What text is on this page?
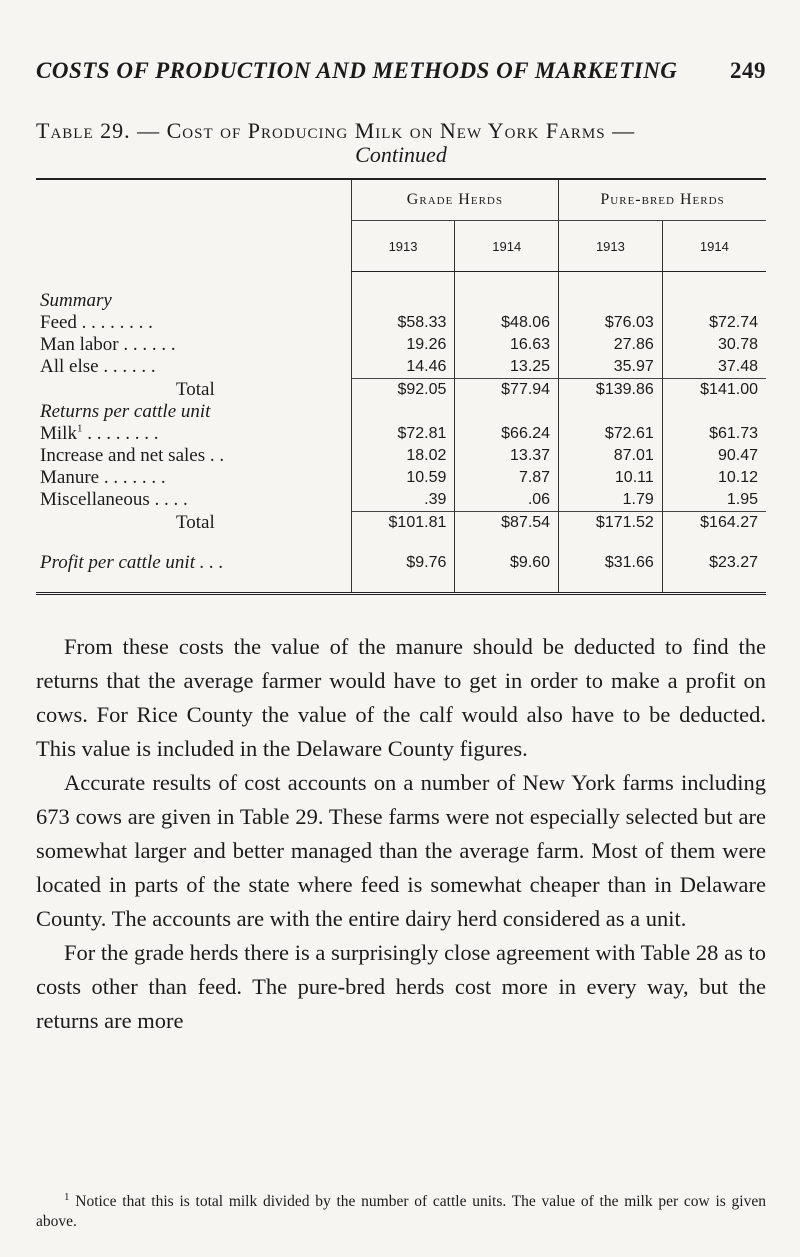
COSTS OF PRODUCTION AND METHODS OF MARKETING 249
Table 29. — Cost of Producing Milk on New York Farms —
Continued
	Grade Herds		Pure-bred Herds	
	1913	1914	1913	1914

Summary				
Feed . . . . . . . .	$58.33	$48.06	$76.03	$72.74
Man labor . . . . . .	19.26	16.63	27.86	30.78
All else . . . . . .	14.46	13.25	35.97	37.48
Total	$92.05	$77.94	$139.86	$141.00
Returns per cattle unit				
Milk$^1$ . . . . . . . .	$72.81	$66.24	$72.61	$61.73
Increase and net sales . .	18.02	13.37	87.01	90.47
Manure . . . . . . .	10.59	7.87	10.11	10.12
Miscellaneous . . . .	.39	.06	1.79	1.95
Total	$101.81	$87.54	$171.52	$164.27

Profit per cattle unit . . .	$9.76	$9.60	$31.66	$23.27

From these costs the value of the manure should be deducted to find the returns that the average farmer would have to get in order to make a profit on cows. For Rice County the value of the calf would also have to be deducted. This value is included in the Delaware County figures.

Accurate results of cost accounts on a number of New York farms including 673 cows are given in Table 29. These farms were not especially selected but are somewhat larger and better managed than the average farm. Most of them were located in parts of the state where feed is somewhat cheaper than in Delaware County. The accounts are with the entire dairy herd considered as a unit.

For the grade herds there is a surprisingly close agreement with Table 28 as to costs other than feed. The pure-bred herds cost more in every way, but the returns are more

$^1$ Notice that this is total milk divided by the number of cattle units. The value of the milk per cow is given above.
